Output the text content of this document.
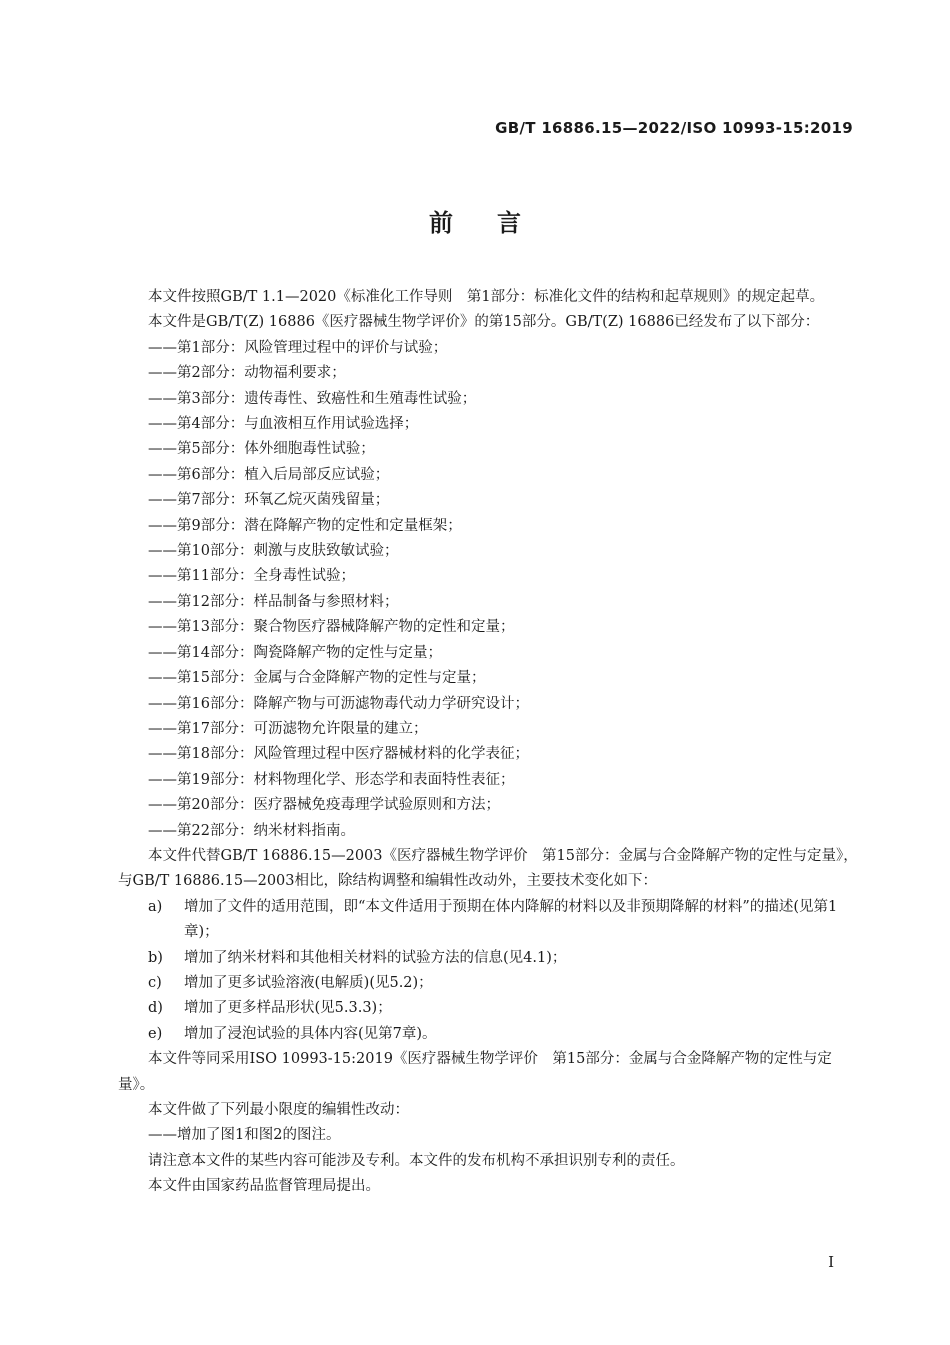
GB/T 16886.15—2022/ISO 10993-15:2019
前言

本文件按照GB/T 1.1—2020《标准化工作导则　第1部分：标准化文件的结构和起草规则》的规定起草。

本文件是GB/T(Z) 16886《医疗器械生物学评价》的第15部分。GB/T(Z) 16886已经发布了以下部分：

——第1部分：风险管理过程中的评价与试验；

——第2部分：动物福利要求；

——第3部分：遗传毒性、致癌性和生殖毒性试验；

——第4部分：与血液相互作用试验选择；

——第5部分：体外细胞毒性试验；

——第6部分：植入后局部反应试验；

——第7部分：环氧乙烷灭菌残留量；

——第9部分：潜在降解产物的定性和定量框架；

——第10部分：刺激与皮肤致敏试验；

——第11部分：全身毒性试验；

——第12部分：样品制备与参照材料；

——第13部分：聚合物医疗器械降解产物的定性和定量；

——第14部分：陶瓷降解产物的定性与定量；

——第15部分：金属与合金降解产物的定性与定量；

——第16部分：降解产物与可沥滤物毒代动力学研究设计；

——第17部分：可沥滤物允许限量的建立；

——第18部分：风险管理过程中医疗器械材料的化学表征；

——第19部分：材料物理化学、形态学和表面特性表征；

——第20部分：医疗器械免疫毒理学试验原则和方法；

——第22部分：纳米材料指南。

本文件代替GB/T 16886.15—2003《医疗器械生物学评价　第15部分：金属与合金降解产物的定性与定量》，与GB/T 16886.15—2003相比，除结构调整和编辑性改动外，主要技术变化如下：

a)	增加了文件的适用范围，即“本文件适用于预期在体内降解的材料以及非预期降解的材料”的描述(见第1章)；
b)	增加了纳米材料和其他相关材料的试验方法的信息(见4.1)；
c)	增加了更多试验溶液(电解质)(见5.2)；
d)	增加了更多样品形状(见5.3.3)；
e)	增加了浸泡试验的具体内容(见第7章)。

本文件等同采用ISO 10993-15:2019《医疗器械生物学评价　第15部分：金属与合金降解产物的定性与定量》。

本文件做了下列最小限度的编辑性改动：

——增加了图1和图2的图注。

请注意本文件的某些内容可能涉及专利。本文件的发布机构不承担识别专利的责任。

本文件由国家药品监督管理局提出。

I
